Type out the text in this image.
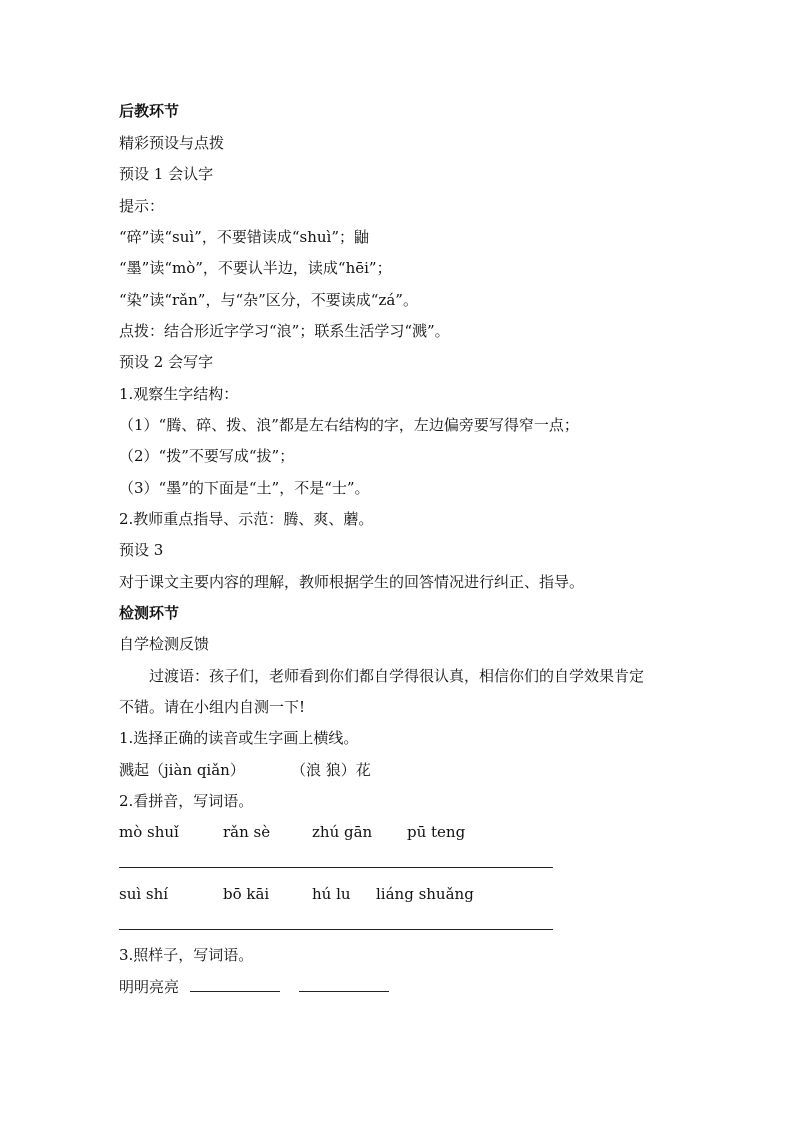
后教环节
精彩预设与点拨
预设 1 会认字
提示：
“碎”读“suì”，不要错读成“shuì”；鼬
“墨”读“mò”，不要认半边，读成“hēi”；
“染”读“rǎn”，与“杂”区分，不要读成“zá”。
点拨：结合形近字学习“浪”；联系生活学习“溅”。
预设 2 会写字
1.观察生字结构：
（1）“腾、碎、拨、浪”都是左右结构的字，左边偏旁要写得窄一点；
（2）“拨”不要写成“拔”；
（3）“墨”的下面是“土”，不是“士”。
2.教师重点指导、示范：腾、爽、蘑。
预设 3
对于课文主要内容的理解，教师根据学生的回答情况进行纠正、指导。
检测环节
自学检测反馈
过渡语：孩子们，老师看到你们都自学得很认真，相信你们的自学效果肯定
不错。请在小组内自测一下!
1.选择正确的读音或生字画上横线。
溅起（jiàn qiǎn）	（浪 狼）花
2.看拼音，写词语。
mò shuǐ	rǎn sè	zhú gān pū teng
suì shí	bō kāi	hú lu liáng shuǎng
3.照样子，写词语。
明明亮亮
